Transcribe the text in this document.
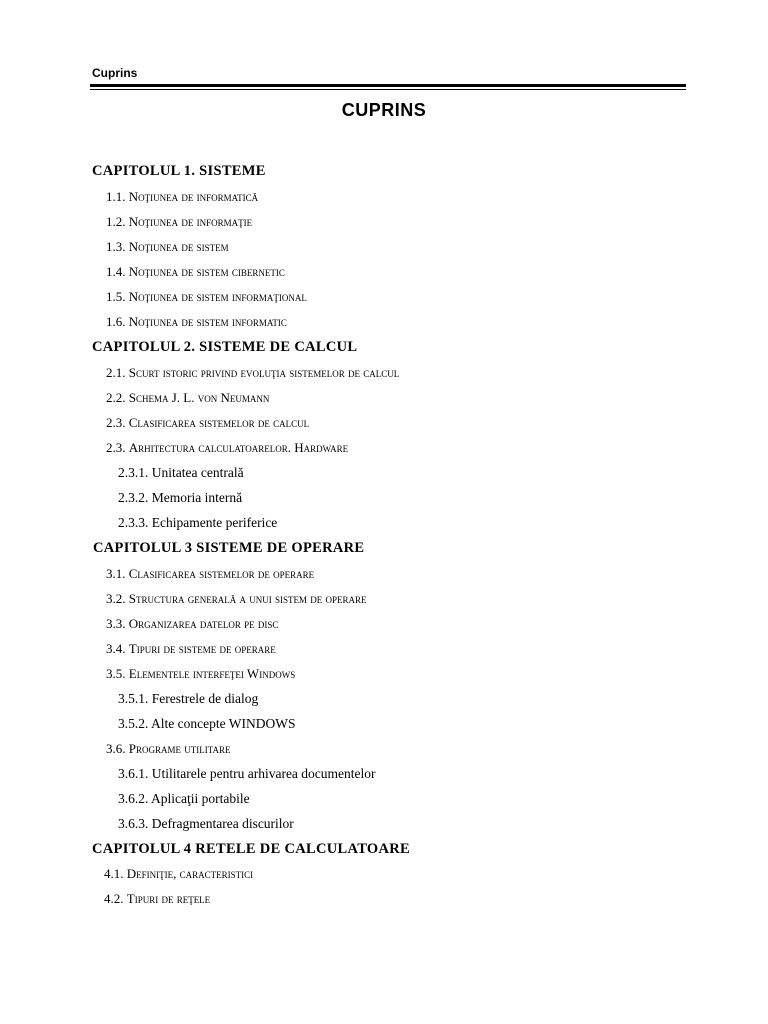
Cuprins
CUPRINS
CAPITOLUL 1. SISTEME
1.1. Noţiunea de informatică
1.2. Noţiunea de informaţie
1.3. Noţiunea de sistem
1.4. Noţiunea de sistem cibernetic
1.5. Noţiunea de sistem informaţional
1.6. Noţiunea de sistem informatic
CAPITOLUL 2. SISTEME DE CALCUL
2.1. Scurt istoric privind evoluţia sistemelor de calcul
2.2. Schema J. L. von Neumann
2.3. Clasificarea sistemelor de calcul
2.3. Arhitectura calculatoarelor. Hardware
2.3.1. Unitatea centrală
2.3.2. Memoria internă
2.3.3. Echipamente periferice
CAPITOLUL 3 SISTEME DE OPERARE
3.1. Clasificarea sistemelor de operare
3.2. Structura generală a unui sistem de operare
3.3. Organizarea datelor pe disc
3.4. Tipuri de sisteme de operare
3.5. Elementele interfeţei Windows
3.5.1. Ferestrele de dialog
3.5.2. Alte concepte WINDOWS
3.6. Programe utilitare
3.6.1. Utilitarele pentru arhivarea documentelor
3.6.2. Aplicaţii portabile
3.6.3. Defragmentarea discurilor
CAPITOLUL 4 RETELE DE CALCULATOARE
4.1. Definiţie, caracteristici
4.2. Tipuri de reţele
